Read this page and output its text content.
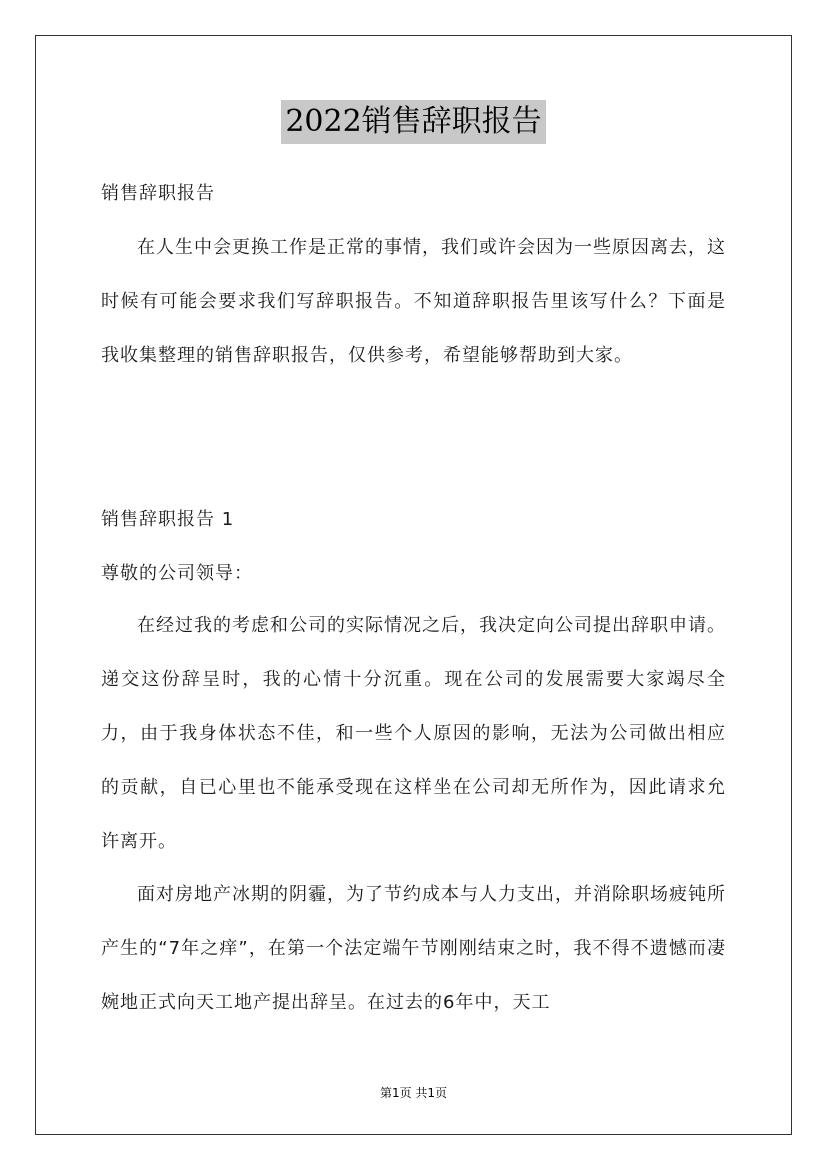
2022销售辞职报告

销售辞职报告

在人生中会更换工作是正常的事情，我们或许会因为一些原因离去，这时候有可能会要求我们写辞职报告。不知道辞职报告里该写什么？下面是我收集整理的销售辞职报告，仅供参考，希望能够帮助到大家。

销售辞职报告 1

尊敬的公司领导：

在经过我的考虑和公司的实际情况之后，我决定向公司提出辞职申请。递交这份辞呈时，我的心情十分沉重。现在公司的发展需要大家竭尽全力，由于我身体状态不佳，和一些个人原因的影响，无法为公司做出相应的贡献，自已心里也不能承受现在这样坐在公司却无所作为，因此请求允许离开。

面对房地产冰期的阴霾，为了节约成本与人力支出，并消除职场疲钝所产生的“7年之痒”，在第一个法定端午节刚刚结束之时，我不得不遗憾而凄婉地正式向天工地产提出辞呈。在过去的6年中，天工

第1页 共1页
